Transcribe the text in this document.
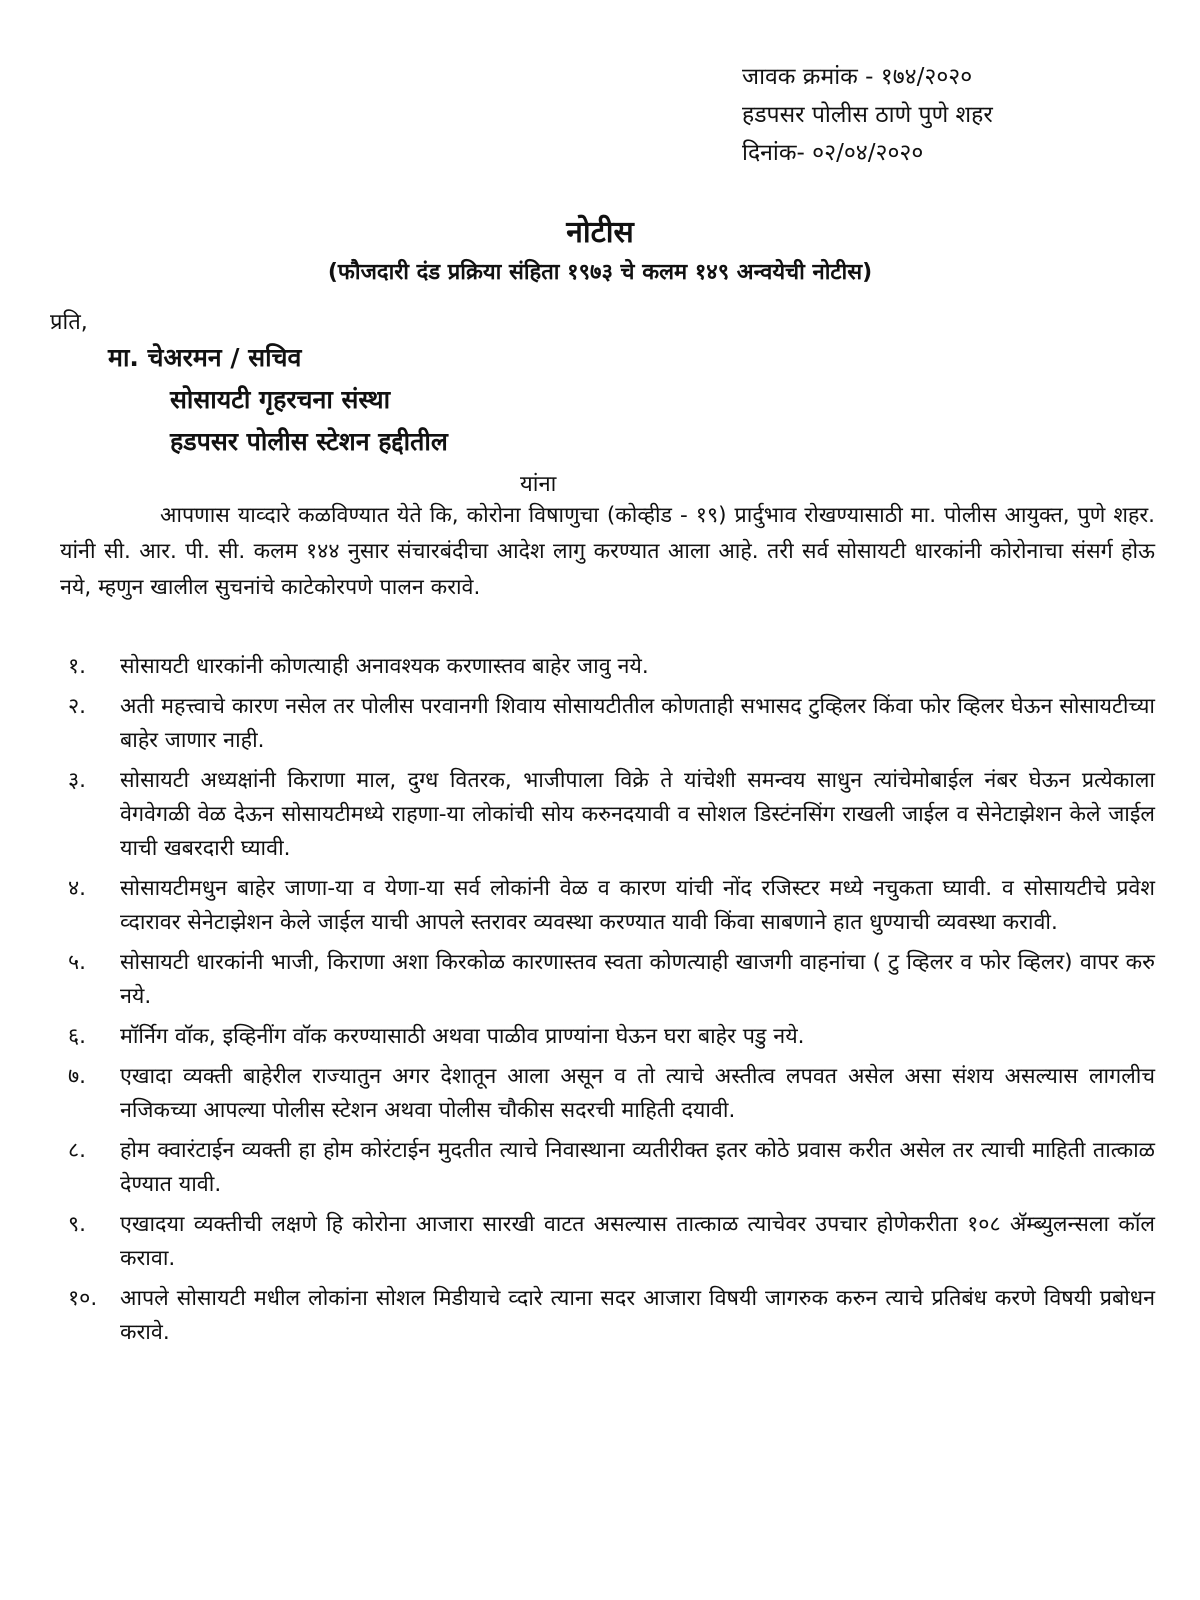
जावक क्रमांक - १७४/२०२०
हडपसर पोलीस ठाणे पुणे शहर
दिनांक- ०२/०४/२०२०
नोटीस
(फौजदारी दंड प्रक्रिया संहिता १९७३ चे कलम १४९ अन्वयेची नोटीस)
प्रति,
मा. चेअरमन / सचिव
सोसायटी गृहरचना संस्था
हडपसर पोलीस स्टेशन हद्दीतील
यांना
आपणास याव्दारे कळविण्यात येते कि, कोरोना विषाणुचा (कोव्हीड - १९) प्रार्दुभाव रोखण्यासाठी मा. पोलीस आयुक्त, पुणे शहर. यांनी सी. आर. पी. सी. कलम १४४ नुसार संचारबंदीचा आदेश लागु करण्यात आला आहे. तरी सर्व सोसायटी धारकांनी कोरोनाचा संसर्ग होऊ नये, म्हणुन खालील सुचनांचे काटेकोरपणे पालन करावे.
१.	सोसायटी धारकांनी कोणत्याही अनावश्यक करणास्तव बाहेर जावु नये.
२.	अती महत्त्वाचे कारण नसेल तर पोलीस परवानगी शिवाय सोसायटीतील कोणताही सभासद टुव्हिलर किंवा फोर व्हिलर घेऊन सोसायटीच्या बाहेर जाणार नाही.
३.	सोसायटी अध्यक्षांनी किराणा माल, दुग्ध वितरक, भाजीपाला विक्रे ते यांचेशी समन्वय साधुन त्यांचेमोबाईल नंबर घेऊन प्रत्येकाला वेगवेगळी वेळ देऊन सोसायटीमध्ये राहणा-या लोकांची सोय करुनदयावी व सोशल डिस्टंनसिंग राखली जाईल व सेनेटाझेशन केले जाईल याची खबरदारी घ्यावी.
४.	सोसायटीमधुन बाहेर जाणा-या व येणा-या सर्व लोकांनी वेळ व कारण यांची नोंद रजिस्टर मध्ये नचुकता घ्यावी. व सोसायटीचे प्रवेश व्दारावर सेनेटाझेशन केले जाईल याची आपले स्तरावर व्यवस्था करण्यात यावी किंवा साबणाने हात धुण्याची व्यवस्था करावी.
५.	सोसायटी धारकांनी भाजी, किराणा अशा किरकोळ कारणास्तव स्वता कोणत्याही खाजगी वाहनांचा ( टु व्हिलर व फोर व्हिलर) वापर करु नये.
६.	मॉर्निग वॉक, इव्हिनींग वॉक करण्यासाठी अथवा पाळीव प्राण्यांना घेऊन घरा बाहेर पडु नये.
७.	एखादा व्यक्ती बाहेरील राज्यातुन अगर देशातून आला असून व तो त्याचे अस्तीत्व लपवत असेल असा संशय असल्यास लागलीच नजिकच्या आपल्या पोलीस स्टेशन अथवा पोलीस चौकीस सदरची माहिती दयावी.
८.	होम क्वारंटाईन व्यक्ती हा होम कोरंटाईन मुदतीत त्याचे निवास्थाना व्यतीरीक्त इतर कोठे प्रवास करीत असेल तर त्याची माहिती तात्काळ देण्यात यावी.
९.	एखादया व्यक्तीची लक्षणे हि कोरोना आजारा सारखी वाटत असल्यास तात्काळ त्याचेवर उपचार होणेकरीता १०८ ॲम्ब्युलन्सला कॉल करावा.
१०.	आपले सोसायटी मधील लोकांना सोशल मिडीयाचे व्दारे त्याना सदर आजारा विषयी जागरुक करुन त्याचे प्रतिबंध करणे विषयी प्रबोधन करावे.
